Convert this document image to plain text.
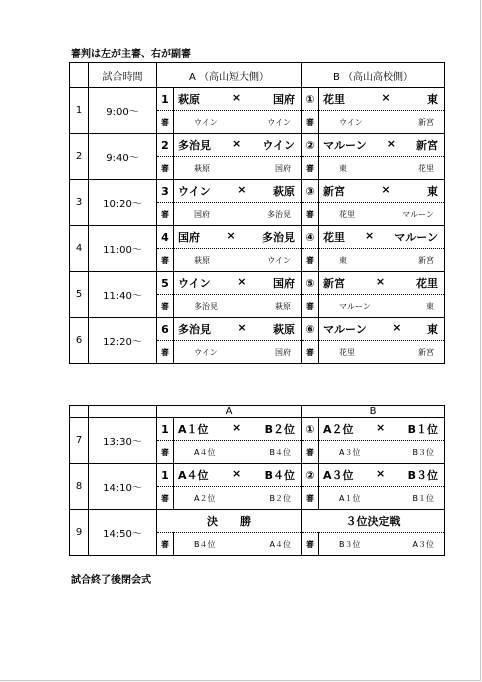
審判は左が主審、右が副審
	試合時間	A （高山短大側）		B （高山高校側）	
1	9:00～	1	萩原 × 国府	①	花里 × 東

		審	ウイン ウイン	審	ウイン 新宮

2	9:40～	2	多治見 × ウイン	②	マルーン × 新宮

		審	萩原 国府	審	東 花里

3	10:20～	3	ウイン × 萩原	③	新宮 × 東

		審	国府 多治見	審	花里 マルーン

4	11:00～	4	国府 × 多治見	④	花里 × マルーン

		審	萩原 ウイン	審	東 新宮

5	11:40～	5	ウイン × 国府	⑤	新宮 × 花里

		審	多治見 萩原	審	マルーン 東

6	12:20～	6	多治見 × 萩原	⑥	マルーン × 東

		審	ウイン 国府	審	花里 新宮
		A		B	
7	13:30～	1	A１位 × B２位	①	A２位 × B１位

		審	A４位 B４位	審	A３位 B３位

8	14:10～	1	A４位 × B４位	②	A３位 × B３位

		審	A２位 B２位	審	A１位 B１位

9	14:50～	決　　勝		３位決定戦	
		審	B４位 A４位	審	B３位 A３位
試合終了後閉会式
